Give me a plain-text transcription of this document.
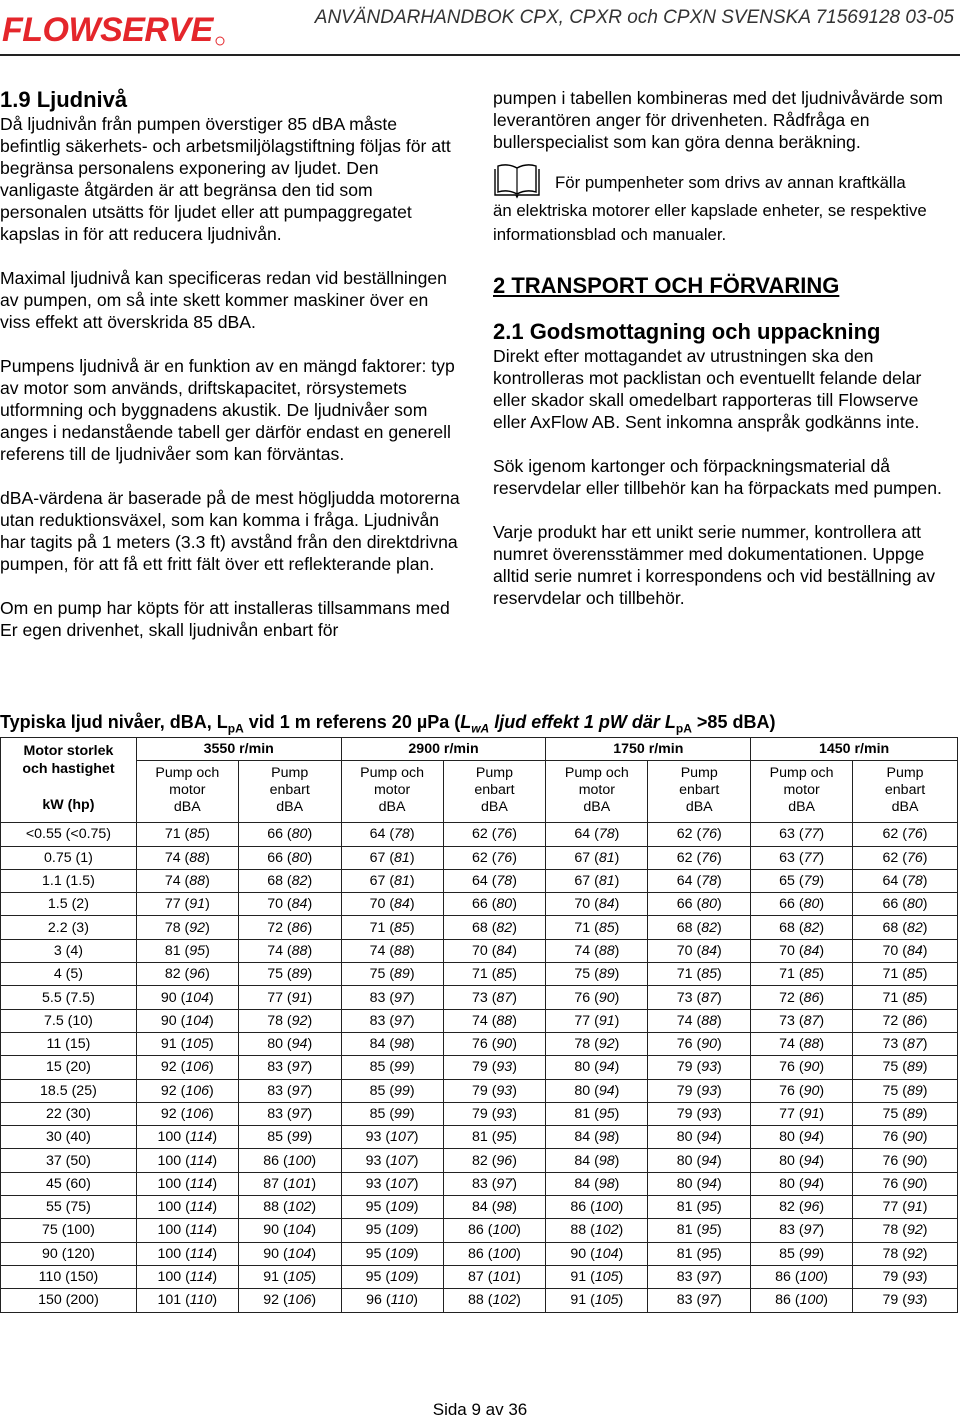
FLOWSERVE	ANVÄNDARHANDBOK CPX, CPXR och CPXN SVENSKA 71569128 03-05

1.9 Ljudnivå

Då ljudnivån från pumpen överstiger 85 dBA måste befintlig säkerhets- och arbetsmiljölagstiftning följas för att begränsa personalens exponering av ljudet. Den vanligaste åtgärden är att begränsa den tid som personalen utsätts för ljudet eller att pumpaggregatet kapslas in för att reducera ljudnivån.

Maximal ljudnivå kan specificeras redan vid beställningen av pumpen, om så inte skett kommer maskiner över en viss effekt att överskrida 85 dBA.

Pumpens ljudnivå är en funktion av en mängd faktorer: typ av motor som används, driftskapacitet, rörsystemets utformning och byggnadens akustik. De ljudnivåer som anges i nedanstående tabell ger därför endast en generell referens till de ljudnivåer som kan förväntas.

dBA-värdena är baserade på de mest högljudda motorerna utan reduktionsväxel, som kan komma i fråga. Ljudnivån har tagits på 1 meters (3.3 ft) avstånd från den direktdrivna pumpen, för att få ett fritt fält över ett reflekterande plan.

Om en pump har köpts för att installeras tillsammans med Er egen drivenhet, skall ljudnivån enbart för

pumpen i tabellen kombineras med det ljudnivåvärde som leverantören anger för drivenheten. Rådfråga en bullerspecialist som kan göra denna beräkning.

För pumpenheter som drivs av annan kraftkälla

än elektriska motorer eller kapslade enheter, se respektive informationsblad och manualer.

2 TRANSPORT OCH FÖRVARING

2.1 Godsmottagning och uppackning

Direkt efter mottagandet av utrustningen ska den kontrolleras mot packlistan och eventuellt felande delar eller skador skall omedelbart rapporteras till Flowserve eller AxFlow AB. Sent inkomna anspråk godkänns inte.

Sök igenom kartonger och förpackningsmaterial då reservdelar eller tillbehör kan ha förpackats med pumpen.

Varje produkt har ett unikt serie nummer, kontrollera att numret överensstämmer med dokumentationen. Uppge alltid serie numret i korrespondens och vid beställning av reservdelar och tillbehör.

Typiska ljud nivåer, dBA, $L_{pA}$ vid 1 m referens 20 µPa ($L_{wA}$ ljud effekt 1 pW där $L_{pA} >85$ dBA)
Motor storlek
och hastighet

kW (hp)	3550 r/min		2900 r/min		1750 r/min		1450 r/min	
	Pump och
motor
dBA	Pump
enbart
dBA	Pump och
motor
dBA	Pump
enbart
dBA	Pump och
motor
dBA	Pump
enbart
dBA	Pump och
motor
dBA	Pump
enbart
dBA
<0.55 (<0.75)	71 (85)	66 (80)	64 (78)	62 (76)	64 (78)	62 (76)	63 (77)	62 (76)
0.75 (1)	74 (88)	66 (80)	67 (81)	62 (76)	67 (81)	62 (76)	63 (77)	62 (76)
1.1 (1.5)	74 (88)	68 (82)	67 (81)	64 (78)	67 (81)	64 (78)	65 (79)	64 (78)
1.5 (2)	77 (91)	70 (84)	70 (84)	66 (80)	70 (84)	66 (80)	66 (80)	66 (80)
2.2 (3)	78 (92)	72 (86)	71 (85)	68 (82)	71 (85)	68 (82)	68 (82)	68 (82)
3 (4)	81 (95)	74 (88)	74 (88)	70 (84)	74 (88)	70 (84)	70 (84)	70 (84)
4 (5)	82 (96)	75 (89)	75 (89)	71 (85)	75 (89)	71 (85)	71 (85)	71 (85)
5.5 (7.5)	90 (104)	77 (91)	83 (97)	73 (87)	76 (90)	73 (87)	72 (86)	71 (85)
7.5 (10)	90 (104)	78 (92)	83 (97)	74 (88)	77 (91)	74 (88)	73 (87)	72 (86)
11 (15)	91 (105)	80 (94)	84 (98)	76 (90)	78 (92)	76 (90)	74 (88)	73 (87)
15 (20)	92 (106)	83 (97)	85 (99)	79 (93)	80 (94)	79 (93)	76 (90)	75 (89)
18.5 (25)	92 (106)	83 (97)	85 (99)	79 (93)	80 (94)	79 (93)	76 (90)	75 (89)
22 (30)	92 (106)	83 (97)	85 (99)	79 (93)	81 (95)	79 (93)	77 (91)	75 (89)
30 (40)	100 (114)	85 (99)	93 (107)	81 (95)	84 (98)	80 (94)	80 (94)	76 (90)
37 (50)	100 (114)	86 (100)	93 (107)	82 (96)	84 (98)	80 (94)	80 (94)	76 (90)
45 (60)	100 (114)	87 (101)	93 (107)	83 (97)	84 (98)	80 (94)	80 (94)	76 (90)
55 (75)	100 (114)	88 (102)	95 (109)	84 (98)	86 (100)	81 (95)	82 (96)	77 (91)
75 (100)	100 (114)	90 (104)	95 (109)	86 (100)	88 (102)	81 (95)	83 (97)	78 (92)
90 (120)	100 (114)	90 (104)	95 (109)	86 (100)	90 (104)	81 (95)	85 (99)	78 (92)
110 (150)	100 (114)	91 (105)	95 (109)	87 (101)	91 (105)	83 (97)	86 (100)	79 (93)
150 (200)	101 (110)	92 (106)	96 (110)	88 (102)	91 (105)	83 (97)	86 (100)	79 (93)
Sida 9 av 36
